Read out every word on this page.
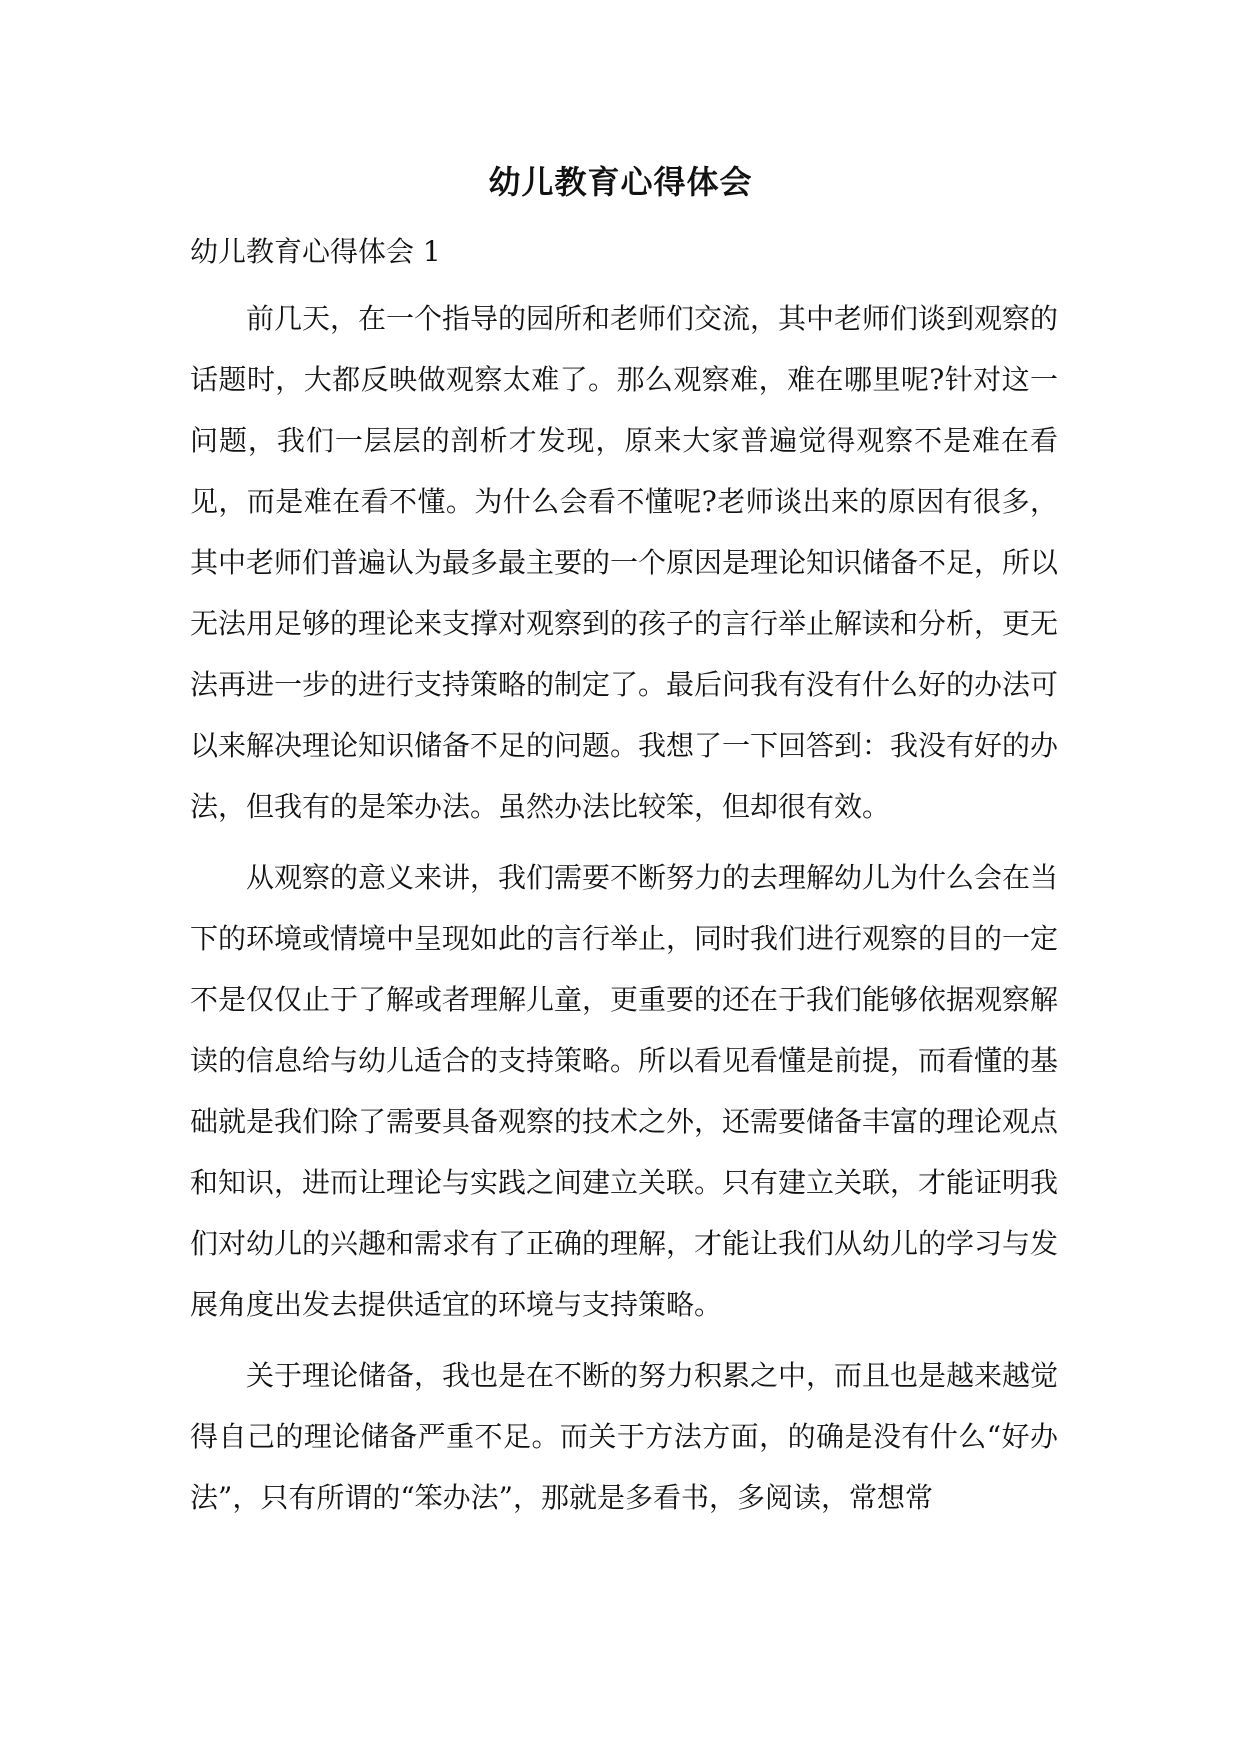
幼儿教育心得体会
幼儿教育心得体会 1

前几天，在一个指导的园所和老师们交流，其中老师们谈到观察的话题时，大都反映做观察太难了。那么观察难，难在哪里呢?针对这一问题，我们一层层的剖析才发现，原来大家普遍觉得观察不是难在看见，而是难在看不懂。为什么会看不懂呢?老师谈出来的原因有很多，其中老师们普遍认为最多最主要的一个原因是理论知识储备不足，所以无法用足够的理论来支撑对观察到的孩子的言行举止解读和分析，更无法再进一步的进行支持策略的制定了。最后问我有没有什么好的办法可以来解决理论知识储备不足的问题。我想了一下回答到：我没有好的办法，但我有的是笨办法。虽然办法比较笨，但却很有效。

从观察的意义来讲，我们需要不断努力的去理解幼儿为什么会在当下的环境或情境中呈现如此的言行举止，同时我们进行观察的目的一定不是仅仅止于了解或者理解儿童，更重要的还在于我们能够依据观察解读的信息给与幼儿适合的支持策略。所以看见看懂是前提，而看懂的基础就是我们除了需要具备观察的技术之外，还需要储备丰富的理论观点和知识，进而让理论与实践之间建立关联。只有建立关联，才能证明我们对幼儿的兴趣和需求有了正确的理解，才能让我们从幼儿的学习与发展角度出发去提供适宜的环境与支持策略。

关于理论储备，我也是在不断的努力积累之中，而且也是越来越觉得自己的理论储备严重不足。而关于方法方面，的确是没有什么“好办法”，只有所谓的“笨办法”，那就是多看书，多阅读，常想常
